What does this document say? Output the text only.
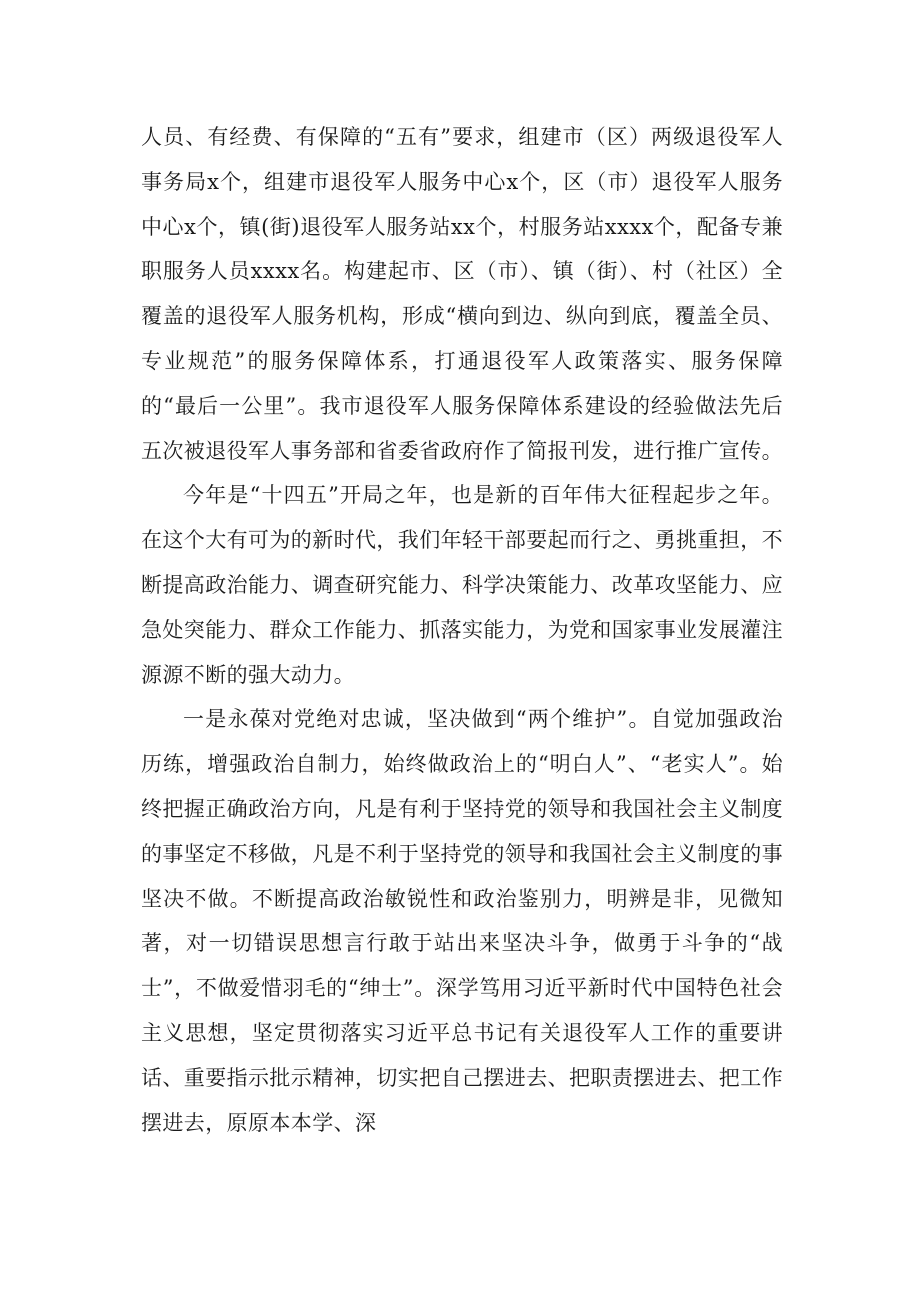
人员、有经费、有保障的“五有”要求，组建市（区）两级退役军人事务局x个，组建市退役军人服务中心x个，区（市）退役军人服务中心x个，镇(街)退役军人服务站xx个，村服务站xxxx个，配备专兼职服务人员xxxx名。构建起市、区（市）、镇（街）、村（社区）全覆盖的退役军人服务机构，形成“横向到边、纵向到底，覆盖全员、专业规范”的服务保障体系，打通退役军人政策落实、服务保障的“最后一公里”。我市退役军人服务保障体系建设的经验做法先后五次被退役军人事务部和省委省政府作了简报刊发，进行推广宣传。

今年是“十四五”开局之年，也是新的百年伟大征程起步之年。在这个大有可为的新时代，我们年轻干部要起而行之、勇挑重担，不断提高政治能力、调查研究能力、科学决策能力、改革攻坚能力、应急处突能力、群众工作能力、抓落实能力，为党和国家事业发展灌注源源不断的强大动力。

一是永葆对党绝对忠诚，坚决做到“两个维护”。自觉加强政治历练，增强政治自制力，始终做政治上的“明白人”、“老实人”。始终把握正确政治方向，凡是有利于坚持党的领导和我国社会主义制度的事坚定不移做，凡是不利于坚持党的领导和我国社会主义制度的事坚决不做。不断提高政治敏锐性和政治鉴别力，明辨是非，见微知著，对一切错误思想言行敢于站出来坚决斗争，做勇于斗争的“战士”，不做爱惜羽毛的“绅士”。深学笃用习近平新时代中国特色社会主义思想，坚定贯彻落实习近平总书记有关退役军人工作的重要讲话、重要指示批示精神，切实把自己摆进去、把职责摆进去、把工作摆进去，原原本本学、深
